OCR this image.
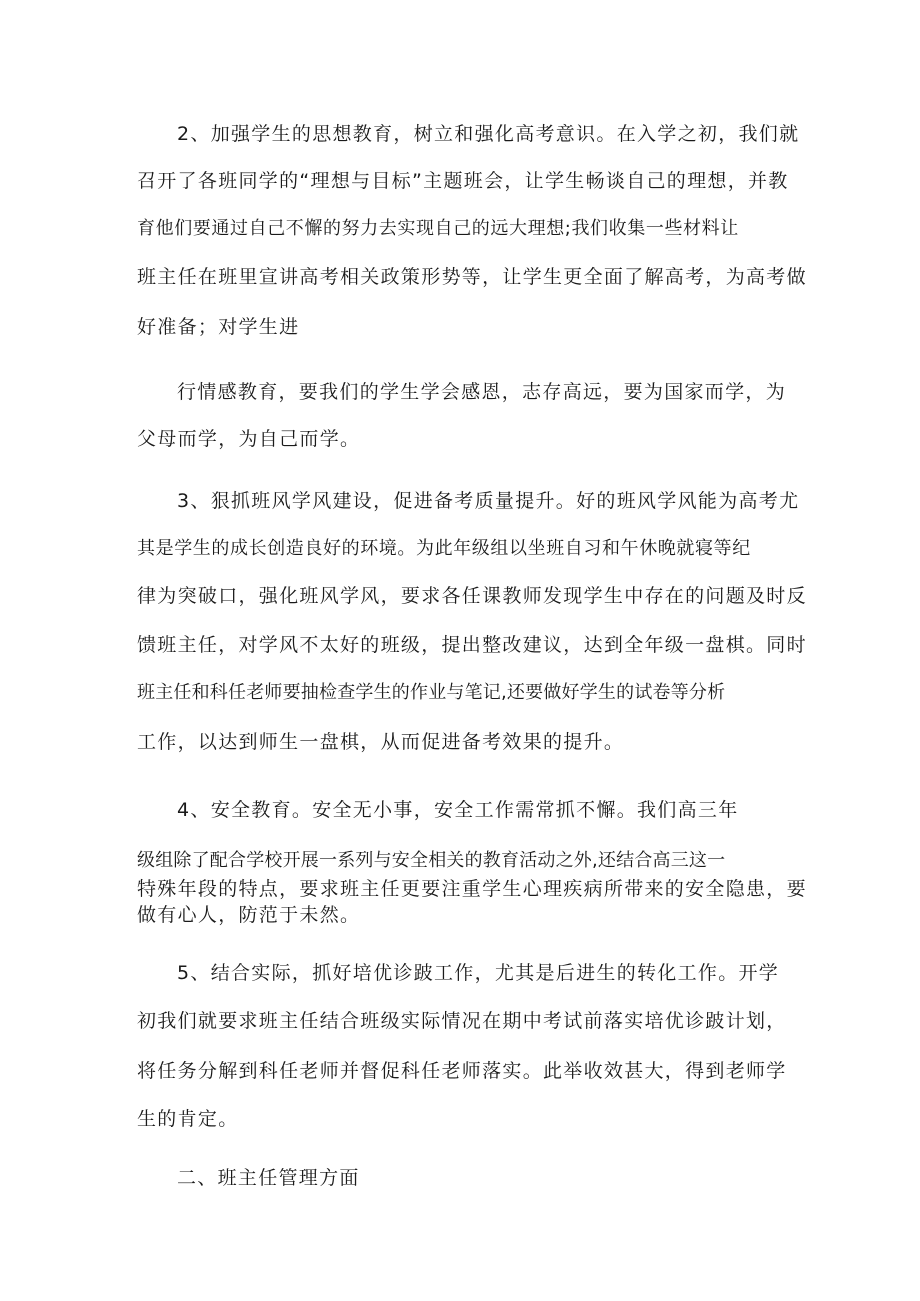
2、加强学生的思想教育，树立和强化高考意识。在入学之初，我们就
召开了各班同学的“理想与目标”主题班会，让学生畅谈自己的理想，并教
育他们要通过自己不懈的努力去实现自己的远大理想;我们收集一些材料让
班主任在班里宣讲高考相关政策形势等，让学生更全面了解高考，为高考做
好准备；对学生进
行情感教育，要我们的学生学会感恩，志存高远，要为国家而学，为
父母而学，为自己而学。
3、狠抓班风学风建设，促进备考质量提升。好的班风学风能为高考尤
其是学生的成长创造良好的环境。为此年级组以坐班自习和午休晚就寝等纪
律为突破口，强化班风学风，要求各任课教师发现学生中存在的问题及时反
馈班主任，对学风不太好的班级，提出整改建议，达到全年级一盘棋。同时
班主任和科任老师要抽检查学生的作业与笔记,还要做好学生的试卷等分析
工作，以达到师生一盘棋，从而促进备考效果的提升。
4、安全教育。安全无小事，安全工作需常抓不懈。我们高三年
级组除了配合学校开展一系列与安全相关的教育活动之外,还结合高三这一
特殊年段的特点，要求班主任更要注重学生心理疾病所带来的安全隐患，要
做有心人，防范于未然。
5、结合实际，抓好培优诊跛工作，尤其是后进生的转化工作。开学
初我们就要求班主任结合班级实际情况在期中考试前落实培优诊跛计划，
将任务分解到科任老师并督促科任老师落实。此举收效甚大，得到老师学
生的肯定。
二、班主任管理方面
